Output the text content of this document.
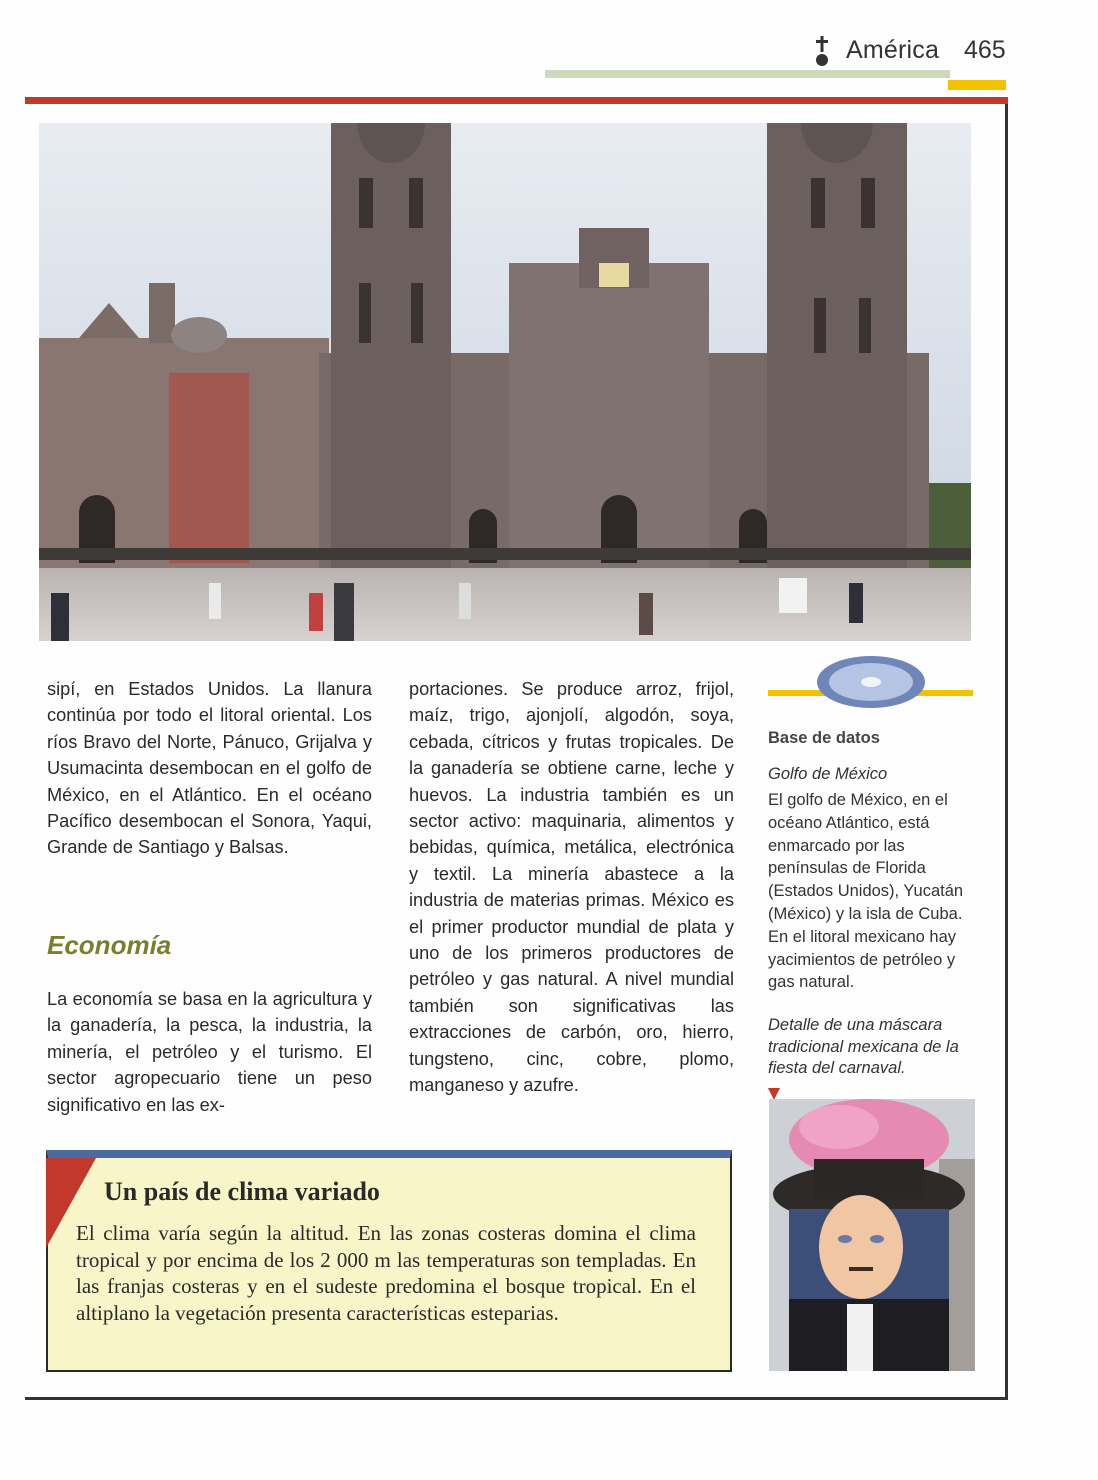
América 465
sipí, en Estados Unidos. La llanura continúa por todo el litoral oriental. Los ríos Bravo del Norte, Pánuco, Grijalva y Usumacinta desembocan en el golfo de México, en el Atlántico. En el océano Pacífico desembocan el Sonora, Yaqui, Grande de Santiago y Balsas.
Economía
La economía se basa en la agricultura y la ganadería, la pesca, la industria, la minería, el petróleo y el turismo. El sector agropecuario tiene un peso significativo en las ex-
portaciones. Se produce arroz, frijol, maíz, trigo, ajonjolí, algodón, soya, cebada, cítricos y frutas tropicales. De la ganadería se obtiene carne, leche y huevos. La industria también es un sector activo: maquinaria, alimentos y bebidas, química, metálica, electrónica y textil. La minería abastece a la industria de materias primas. México es el primer productor mundial de plata y uno de los primeros productores de petróleo y gas natural. A nivel mundial también son significativas las extracciones de carbón, oro, hierro, tungsteno, cinc, cobre, plomo, manganeso y azufre.
Base de datos
Golfo de México
El golfo de México, en el océano Atlántico, está enmarcado por las penínsulas de Florida (Estados Unidos), Yucatán (México) y la isla de Cuba. En el litoral mexicano hay yacimientos de petróleo y gas natural.
Detalle de una máscara tradicional mexicana de la fiesta del carnaval.
Un país de clima variado
El clima varía según la altitud. En las zonas costeras domina el clima tropical y por encima de los 2 000 m las temperaturas son templadas. En las franjas costeras y en el sudeste predomina el bosque tropical. En el altiplano la vegetación presenta características esteparias.
